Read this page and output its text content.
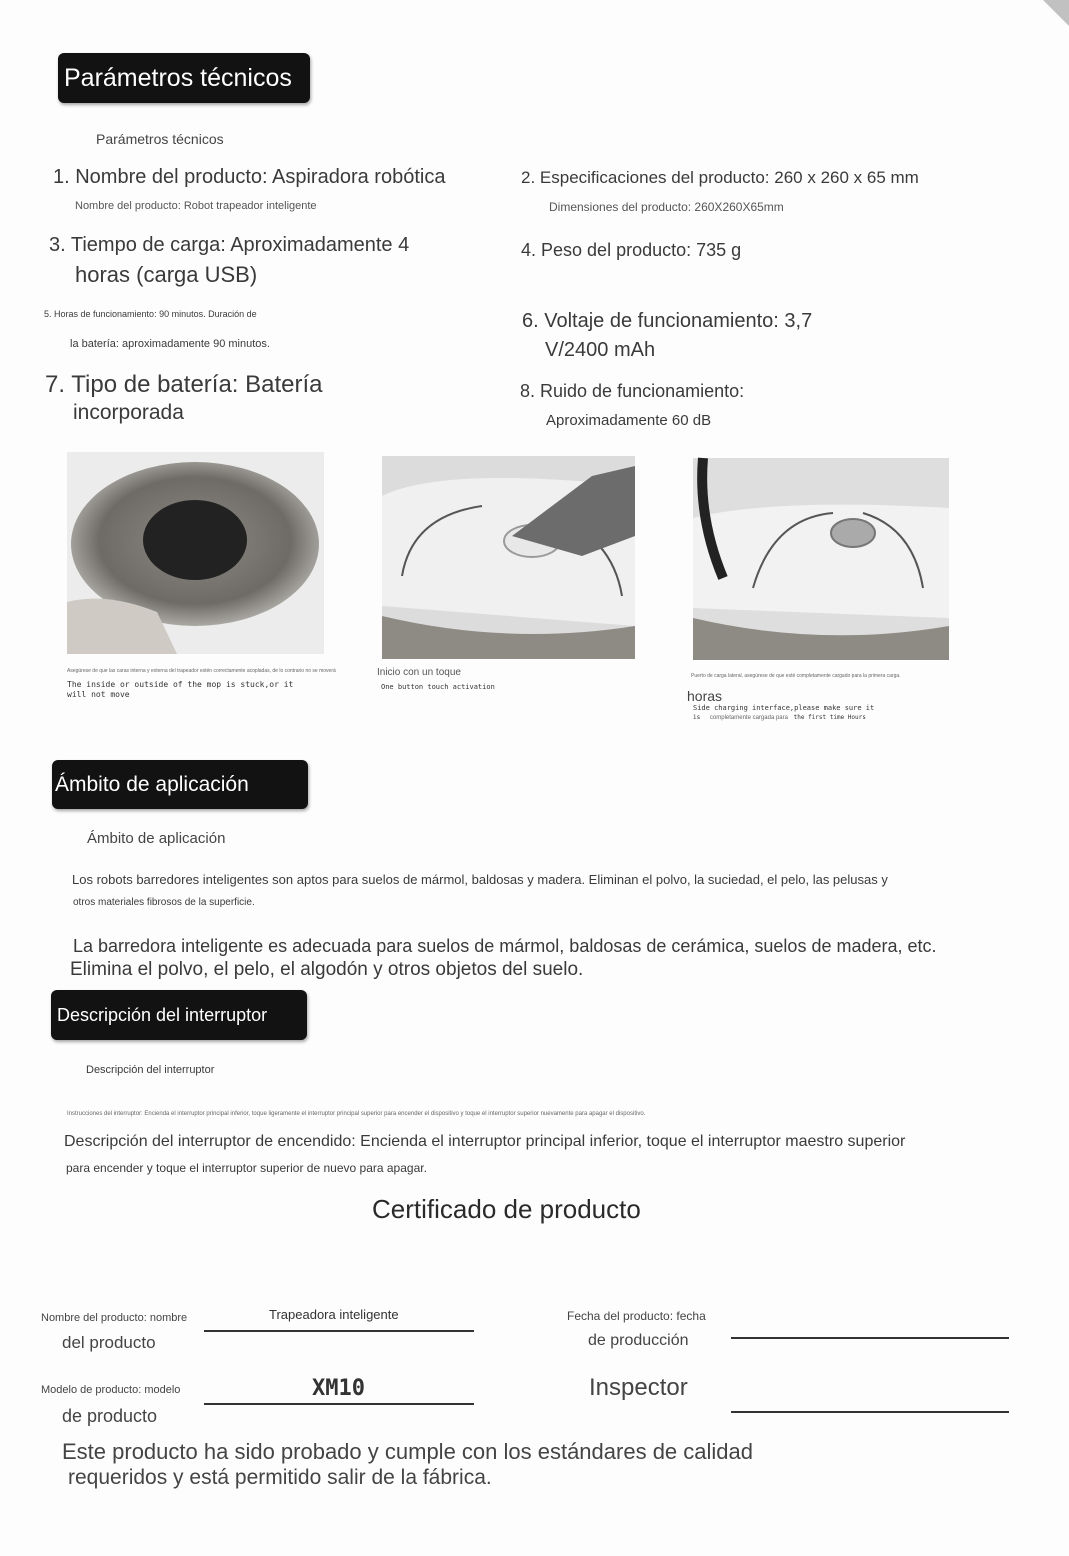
Parámetros técnicos
Parámetros técnicos
1. Nombre del producto: Aspiradora robótica
Nombre del producto: Robot trapeador inteligente
2. Especificaciones del producto: 260 x 260 x 65 mm
Dimensiones del producto: 260X260X65mm
3. Tiempo de carga: Aproximadamente 4
horas (carga USB)
4. Peso del producto: 735 g
5. Horas de funcionamiento: 90 minutos. Duración de
la batería: aproximadamente 90 minutos.
6. Voltaje de funcionamiento: 3,7
V/2400 mAh
7. Tipo de batería: Batería
incorporada
8. Ruido de funcionamiento:
Aproximadamente 60 dB
Asegúrese de que las caras interna y externa del trapeador estén correctamente acopladas, de lo contrario no se moverá
The inside or outside of the mop is stuck,or it will not move
Inicio con un toque
One button touch activation
Puerto de carga lateral, asegúrese de que esté completamente cargado para la primera carga.
horas
Side charging interface,please make sure it
is completamente cargada para the first time Hours
Ámbito de aplicación
Ámbito de aplicación
Los robots barredores inteligentes son aptos para suelos de mármol, baldosas y madera. Eliminan el polvo, la suciedad, el pelo, las pelusas y
otros materiales fibrosos de la superficie.
La barredora inteligente es adecuada para suelos de mármol, baldosas de cerámica, suelos de madera, etc.
Elimina el polvo, el pelo, el algodón y otros objetos del suelo.
Descripción del interruptor
Descripción del interruptor
Instrucciones del interruptor: Encienda el interruptor principal inferior, toque ligeramente el interruptor principal superior para encender el dispositivo y toque el interruptor superior nuevamente para apagar el dispositivo.
Descripción del interruptor de encendido: Encienda el interruptor principal inferior, toque el interruptor maestro superior
para encender y toque el interruptor superior de nuevo para apagar.
Certificado de producto
Nombre del producto: nombre
del producto
Trapeadora inteligente	Fecha del producto: fecha
de producción
Modelo de producto: modelo
de producto
XM10	Inspector
Este producto ha sido probado y cumple con los estándares de calidad
requeridos y está permitido salir de la fábrica.
